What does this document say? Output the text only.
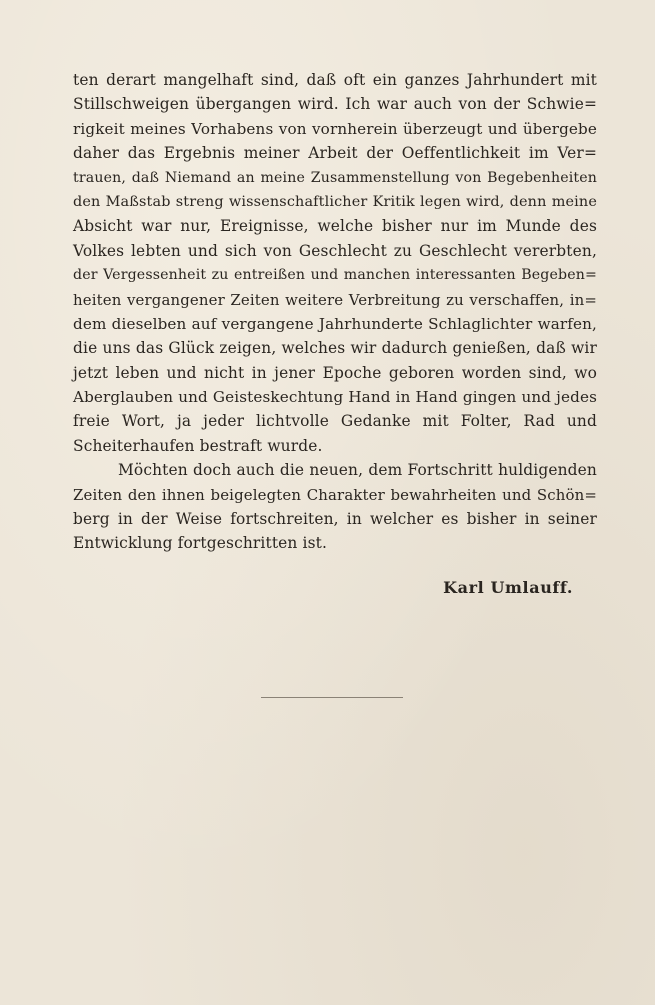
ten derart mangelhaft sind, daß oft ein ganzes Jahrhundert mit
Stillschweigen übergangen wird. Ich war auch von der Schwie=
rigkeit meines Vorhabens von vornherein überzeugt und übergebe
daher das Ergebnis meiner Arbeit der Oeffentlichkeit im Ver=
trauen, daß Niemand an meine Zusammenstellung von Begebenheiten
den Maßstab streng wissenschaftlicher Kritik legen wird, denn meine
Absicht war nur, Ereignisse, welche bisher nur im Munde des
Volkes lebten und sich von Geschlecht zu Geschlecht vererbten,
der Vergessenheit zu entreißen und manchen interessanten Begeben=
heiten vergangener Zeiten weitere Verbreitung zu verschaffen, in=
dem dieselben auf vergangene Jahrhunderte Schlaglichter warfen,
die uns das Glück zeigen, welches wir dadurch genießen, daß wir
jetzt leben und nicht in jener Epoche geboren worden sind, wo
Aberglauben und Geisteskechtung Hand in Hand gingen und jedes
freie Wort, ja jeder lichtvolle Gedanke mit Folter, Rad und
Scheiterhaufen bestraft wurde.
Möchten doch auch die neuen, dem Fortschritt huldigenden
Zeiten den ihnen beigelegten Charakter bewahrheiten und Schön=
berg in der Weise fortschreiten, in welcher es bisher in seiner
Entwicklung fortgeschritten ist.
Karl Umlauff.
